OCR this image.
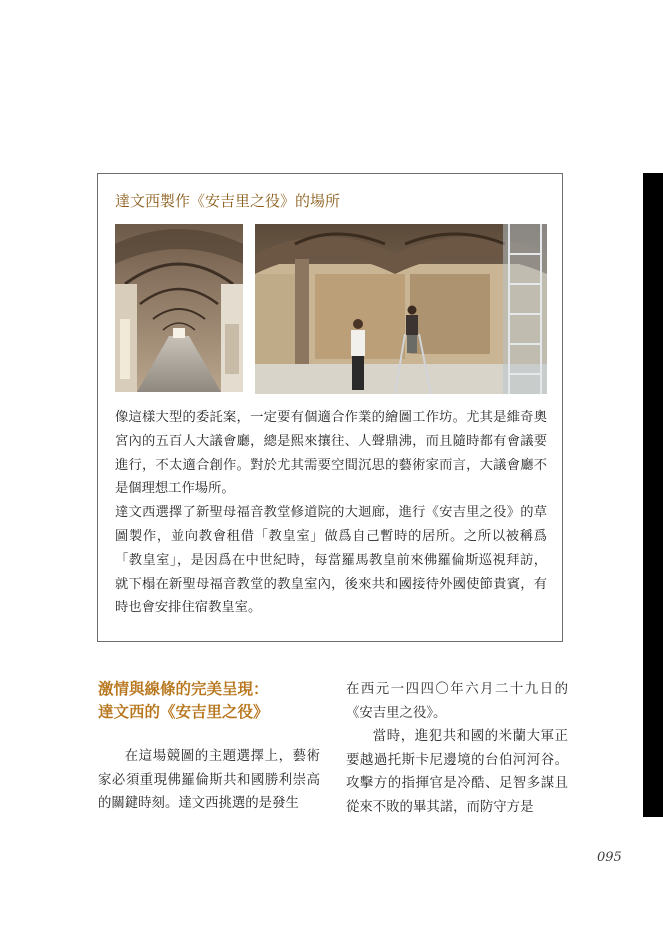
達文西製作《安吉里之役》的場所

像這樣大型的委託案，一定要有個適合作業的繪圖工作坊。尤其是維奇奧宮內的五百人大議會廳，總是熙來攘往、人聲鼎沸，而且隨時都有會議要進行，不太適合創作。對於尤其需要空間沉思的藝術家而言，大議會廳不是個理想工作場所。

達文西選擇了新聖母福音教堂修道院的大迴廊，進行《安吉里之役》的草圖製作，並向教會租借「教皇室」做爲自己暫時的居所。之所以被稱爲「教皇室」，是因爲在中世紀時，每當羅馬教皇前來佛羅倫斯巡視拜訪，就下榻在新聖母福音教堂的教皇室內，後來共和國接待外國使節貴賓，有時也會安排住宿教皇室。

激情與線條的完美呈現：
達文西的《安吉里之役》

在這場競圖的主題選擇上，藝術家必須重現佛羅倫斯共和國勝利崇高的關鍵時刻。達文西挑選的是發生

在西元一四四〇年六月二十九日的《安吉里之役》。

當時，進犯共和國的米蘭大軍正要越過托斯卡尼邊境的台伯河河谷。攻擊方的指揮官是冷酷、足智多謀且從來不敗的畢其諾，而防守方是

095
